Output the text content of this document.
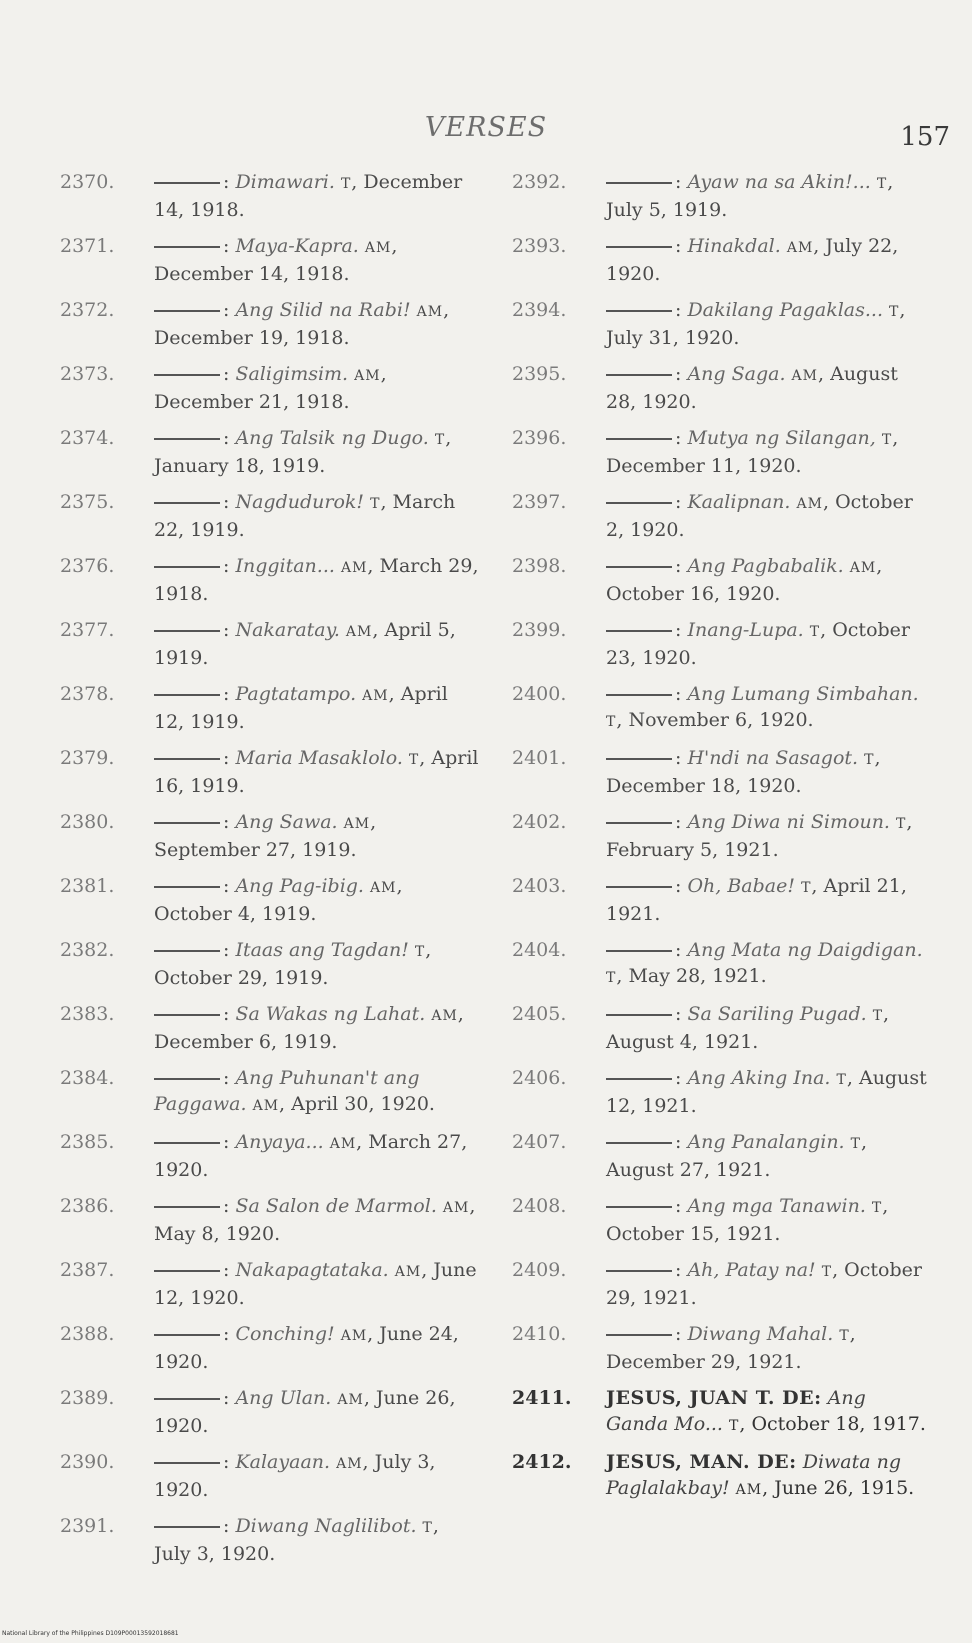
VERSES	157
2370.	: Dimawari. T, December 14, 1918.
2371.	: Maya-Kapra. AM, December 14, 1918.
2372.	: Ang Silid na Rabi! AM, December 19, 1918.
2373.	: Saligimsim. AM, December 21, 1918.
2374.	: Ang Talsik ng Dugo. T, January 18, 1919.
2375.	: Nagdudurok! T, March 22, 1919.
2376.	: Inggitan... AM, March 29, 1918.
2377.	: Nakaratay. AM, April 5, 1919.
2378.	: Pagtatampo. AM, April 12, 1919.
2379.	: Maria Masaklolo. T, April 16, 1919.
2380.	: Ang Sawa. AM, September 27, 1919.
2381.	: Ang Pag-ibig. AM, October 4, 1919.
2382.	: Itaas ang Tagdan! T, October 29, 1919.
2383.	: Sa Wakas ng Lahat. AM, December 6, 1919.
2384.	: Ang Puhunan't ang Paggawa. AM, April 30, 1920.
2385.	: Anyaya... AM, March 27, 1920.
2386.	: Sa Salon de Marmol. AM, May 8, 1920.
2387.	: Nakapagtataka. AM, June 12, 1920.
2388.	: Conching! AM, June 24, 1920.
2389.	: Ang Ulan. AM, June 26, 1920.
2390.	: Kalayaan. AM, July 3, 1920.
2391.	: Diwang Naglilibot. T, July 3, 1920.
2392.	: Ayaw na sa Akin!... T, July 5, 1919.
2393.	: Hinakdal. AM, July 22, 1920.
2394.	: Dakilang Pagaklas... T, July 31, 1920.
2395.	: Ang Saga. AM, August 28, 1920.
2396.	: Mutya ng Silangan, T, December 11, 1920.
2397.	: Kaalipnan. AM, October 2, 1920.
2398.	: Ang Pagbabalik. AM, October 16, 1920.
2399.	: Inang-Lupa. T, October 23, 1920.
2400.	: Ang Lumang Simbahan. T, November 6, 1920.
2401.	: H'ndi na Sasagot. T, December 18, 1920.
2402.	: Ang Diwa ni Simoun. T, February 5, 1921.
2403.	: Oh, Babae! T, April 21, 1921.
2404.	: Ang Mata ng Daigdigan. T, May 28, 1921.
2405.	: Sa Sariling Pugad. T, August 4, 1921.
2406.	: Ang Aking Ina. T, August 12, 1921.
2407.	: Ang Panalangin. T, August 27, 1921.
2408.	: Ang mga Tanawin. T, October 15, 1921.
2409.	: Ah, Patay na! T, October 29, 1921.
2410.	: Diwang Mahal. T, December 29, 1921.
2411.	JESUS, JUAN T. DE: Ang Ganda Mo... T, October 18, 1917.
2412.	JESUS, MAN. DE: Diwata ng Paglalakbay! AM, June 26, 1915.
National Library of the Philippines D109P00013592018681
